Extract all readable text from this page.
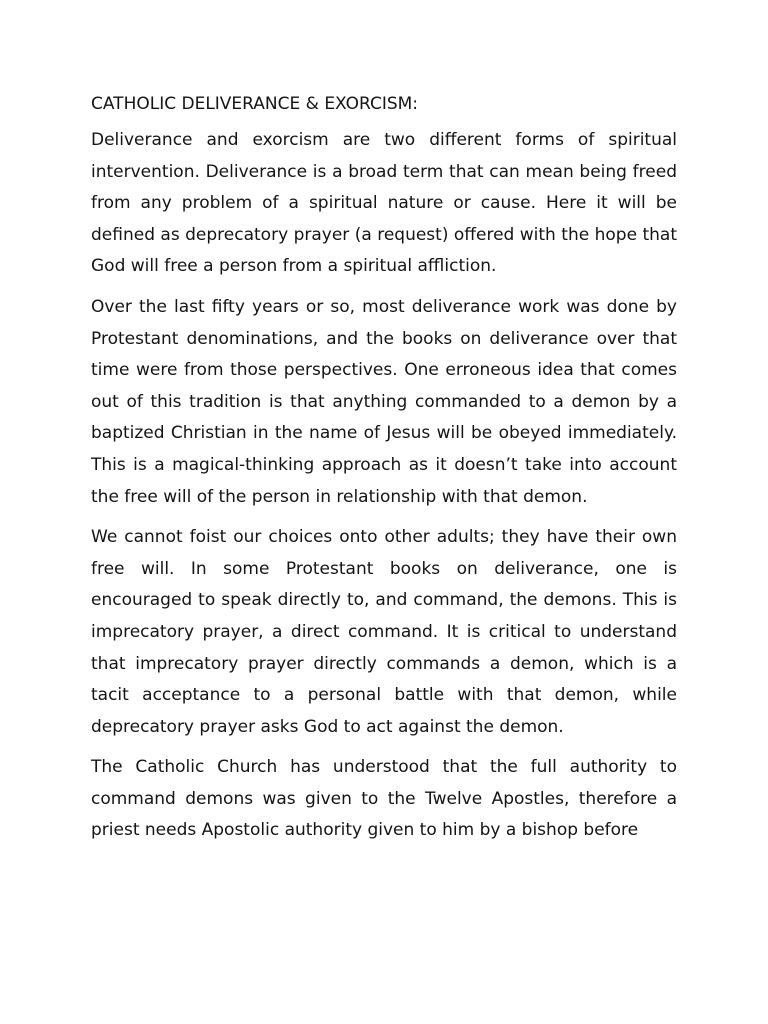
CATHOLIC DELIVERANCE & EXORCISM:

Deliverance and exorcism are two different forms of spiritual intervention. Deliverance is a broad term that can mean being freed from any problem of a spiritual nature or cause. Here it will be defined as deprecatory prayer (a request) offered with the hope that God will free a person from a spiritual affliction.

Over the last fifty years or so, most deliverance work was done by Protestant denominations, and the books on deliverance over that time were from those perspectives. One erroneous idea that comes out of this tradition is that anything commanded to a demon by a baptized Christian in the name of Jesus will be obeyed immediately. This is a magical-thinking approach as it doesn’t take into account the free will of the person in relationship with that demon.

We cannot foist our choices onto other adults; they have their own free will. In some Protestant books on deliverance, one is encouraged to speak directly to, and command, the demons. This is imprecatory prayer, a direct command. It is critical to understand that imprecatory prayer directly commands a demon, which is a tacit acceptance to a personal battle with that demon, while deprecatory prayer asks God to act against the demon.

The Catholic Church has understood that the full authority to command demons was given to the Twelve Apostles, therefore a priest needs Apostolic authority given to him by a bishop before
